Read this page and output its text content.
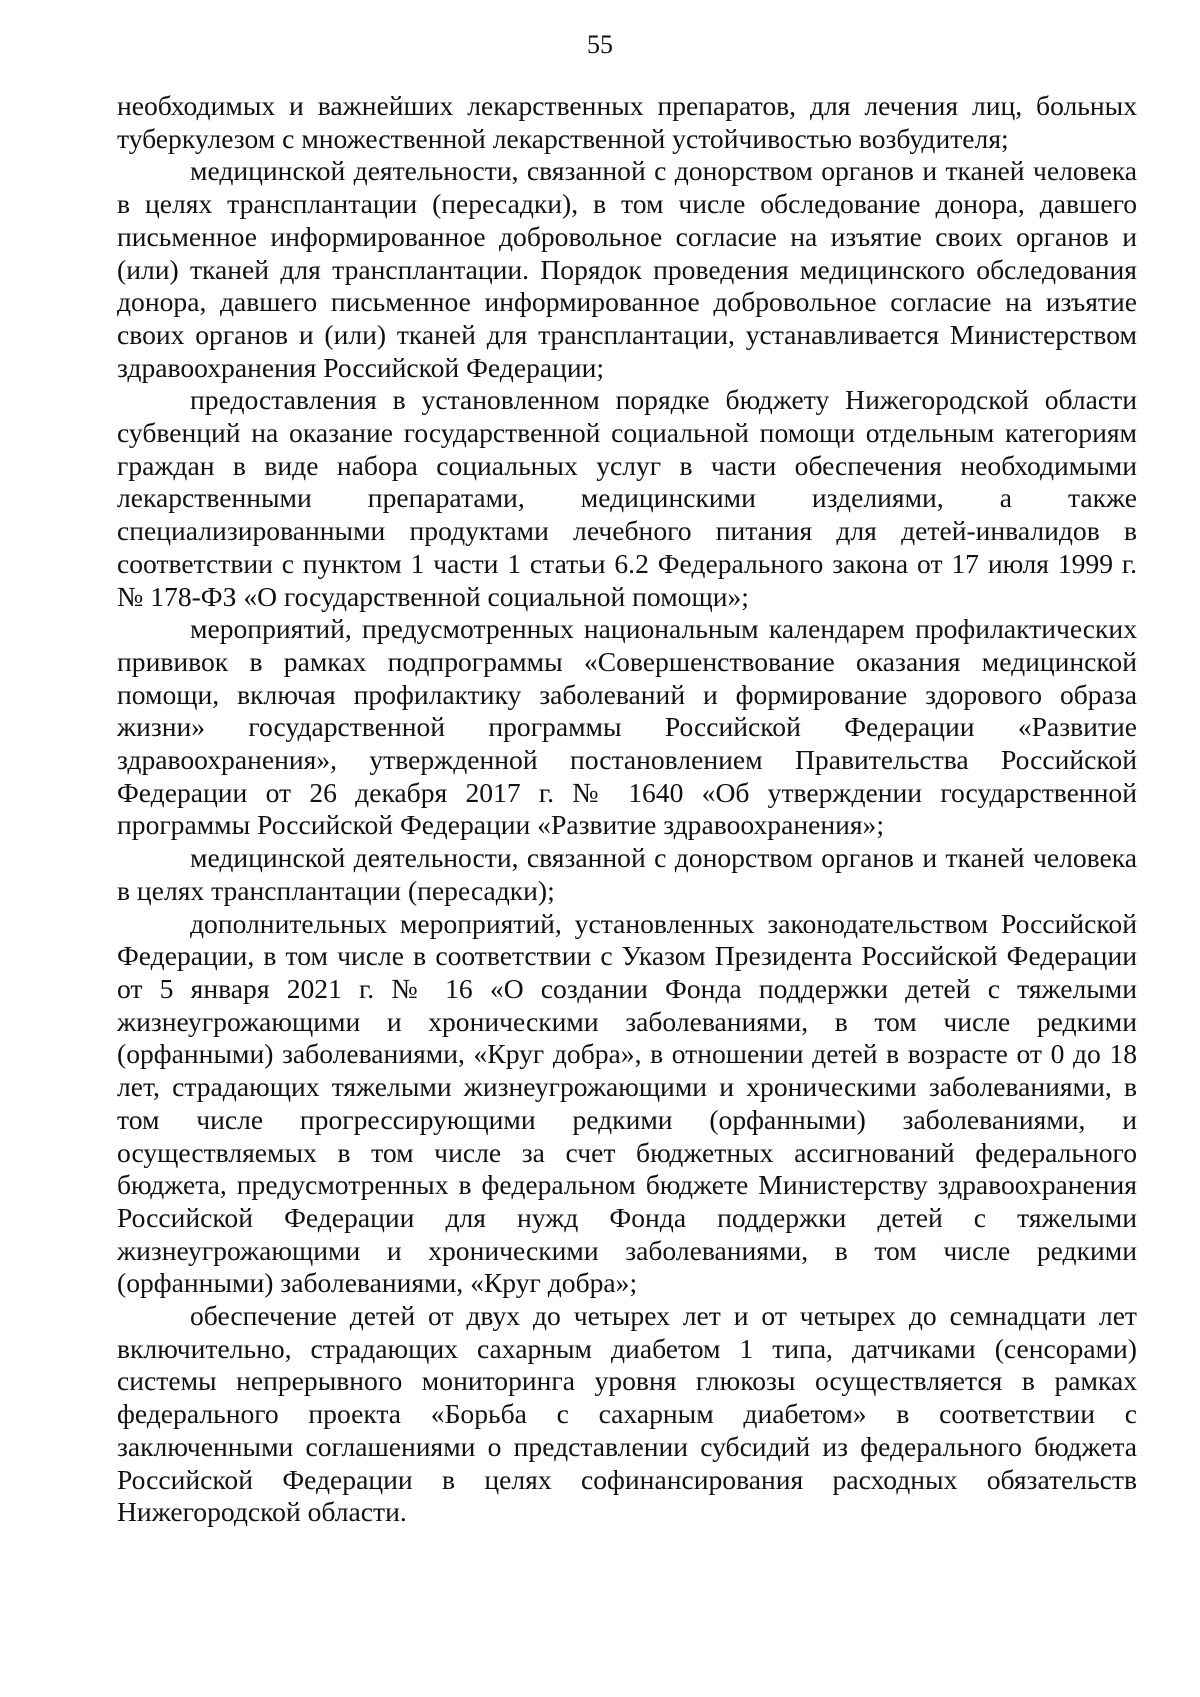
55

необходимых и важнейших лекарственных препаратов, для лечения лиц, больных туберкулезом с множественной лекарственной устойчивостью возбудителя;

медицинской деятельности, связанной с донорством органов и тканей человека в целях трансплантации (пересадки), в том числе обследование донора, давшего письменное информированное добровольное согласие на изъятие своих органов и (или) тканей для трансплантации. Порядок проведения медицинского обследования донора, давшего письменное информированное добровольное согласие на изъятие своих органов и (или) тканей для трансплантации, устанавливается Министерством здравоохранения Российской Федерации;

предоставления в установленном порядке бюджету Нижегородской области субвенций на оказание государственной социальной помощи отдельным категориям граждан в виде набора социальных услуг в части обеспечения необходимыми лекарственными препаратами, медицинскими изделиями, а также специализированными продуктами лечебного питания для детей-инвалидов в соответствии с пунктом 1 части 1 статьи 6.2 Федерального закона от 17 июля 1999 г. № 178-ФЗ «О государственной социальной помощи»;

мероприятий, предусмотренных национальным календарем профилактических прививок в рамках подпрограммы «Совершенствование оказания медицинской помощи, включая профилактику заболеваний и формирование здорового образа жизни» государственной программы Российской Федерации «Развитие здравоохранения», утвержденной постановлением Правительства Российской Федерации от 26 декабря 2017 г. № 1640 «Об утверждении государственной программы Российской Федерации «Развитие здравоохранения»;

медицинской деятельности, связанной с донорством органов и тканей человека в целях трансплантации (пересадки);

дополнительных мероприятий, установленных законодательством Российской Федерации, в том числе в соответствии с Указом Президента Российской Федерации от 5 января 2021 г. № 16 «О создании Фонда поддержки детей с тяжелыми жизнеугрожающими и хроническими заболеваниями, в том числе редкими (орфанными) заболеваниями, «Круг добра», в отношении детей в возрасте от 0 до 18 лет, страдающих тяжелыми жизнеугрожающими и хроническими заболеваниями, в том числе прогрессирующими редкими (орфанными) заболеваниями, и осуществляемых в том числе за счет бюджетных ассигнований федерального бюджета, предусмотренных в федеральном бюджете Министерству здравоохранения Российской Федерации для нужд Фонда поддержки детей с тяжелыми жизнеугрожающими и хроническими заболеваниями, в том числе редкими (орфанными) заболеваниями, «Круг добра»;

обеспечение детей от двух до четырех лет и от четырех до семнадцати лет включительно, страдающих сахарным диабетом 1 типа, датчиками (сенсорами) системы непрерывного мониторинга уровня глюкозы осуществляется в рамках федерального проекта «Борьба с сахарным диабетом» в соответствии с заключенными соглашениями о представлении субсидий из федерального бюджета Российской Федерации в целях софинансирования расходных обязательств Нижегородской области.
